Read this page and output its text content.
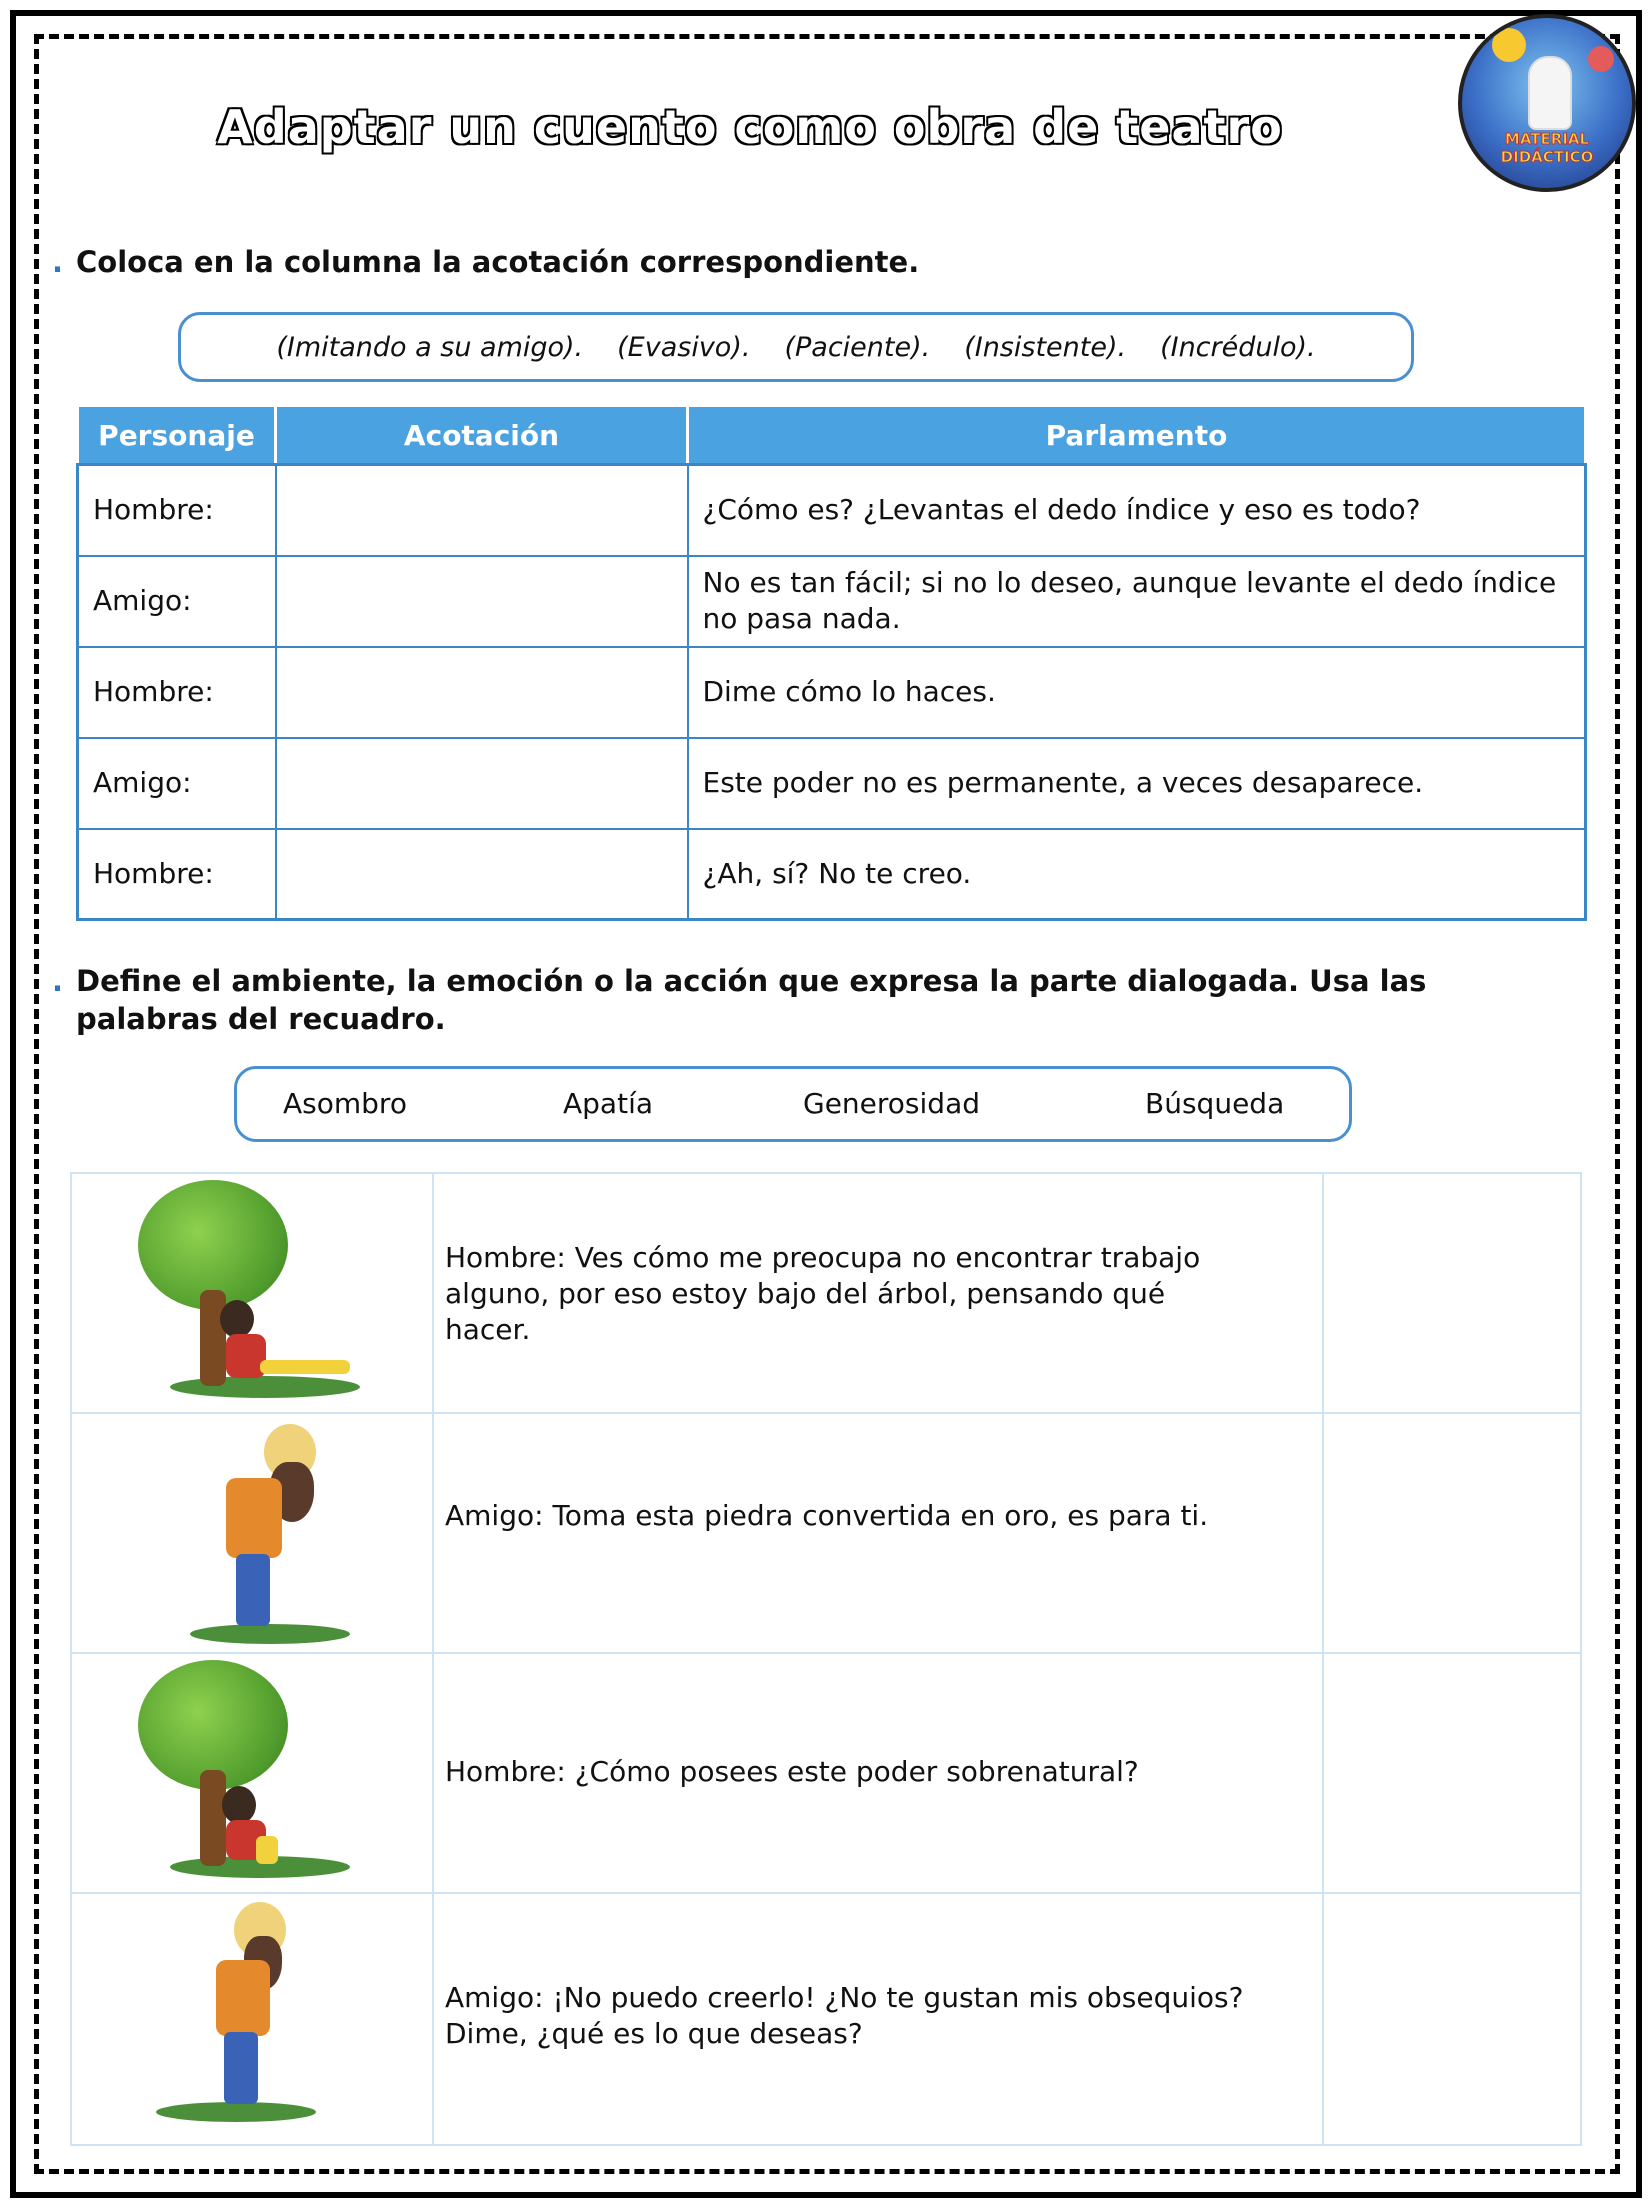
Adaptar un cuento como obra de teatro	MATERIAL
DIDÁCTICO
. Coloca en la columna la acotación correspondiente.
(Imitando a su amigo). (Evasivo). (Paciente). (Insistente). (Incrédulo).
Personaje	Acotación	Parlamento
Hombre:		¿Cómo es? ¿Levantas el dedo índice y eso es todo?
Amigo:		No es tan fácil; si no lo deseo, aunque levante el dedo índice no pasa nada.
Hombre:		Dime cómo lo haces.
Amigo:		Este poder no es permanente, a veces desaparece.
Hombre:		¿Ah, sí? No te creo.
. Define el ambiente, la emoción o la acción que expresa la parte dialogada. Usa las palabras del recuadro.
Asombro	Apatía	Generosidad	Búsqueda
Hombre: Ves cómo me preocupa no encontrar trabajo alguno, por eso estoy bajo del árbol, pensando qué hacer.
Amigo: Toma esta piedra convertida en oro, es para ti.
Hombre: ¿Cómo posees este poder sobrenatural?
Amigo: ¡No puedo creerlo! ¿No te gustan mis obsequios? Dime, ¿qué es lo que deseas?
